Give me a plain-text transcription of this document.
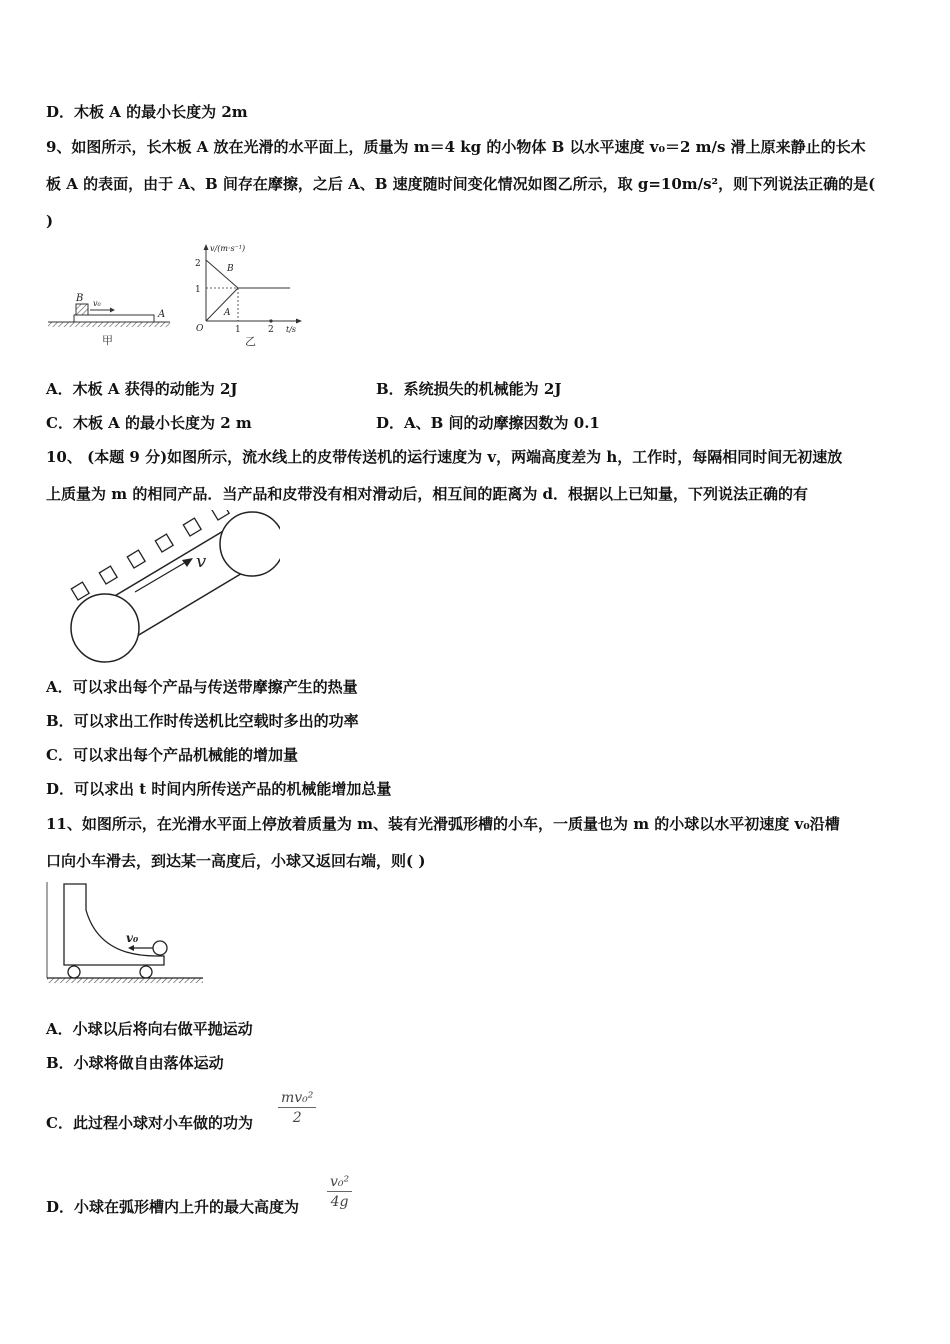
D．木板 A 的最小长度为 2m
9、如图所示，长木板 A 放在光滑的水平面上，质量为 m＝4 kg 的小物体 B 以水平速度 v₀＝2 m/s 滑上原来静止的长木
板 A 的表面，由于 A、B 间存在摩擦，之后 A、B 速度随时间变化情况如图乙所示，取 g=10m/s²，则下列说法正确的是(
)
B v₀
A
甲
v/(m·s⁻¹)
t/s
O
2
1
1	2
B
A
乙
A．木板 A 获得的动能为 2J	B．系统损失的机械能为 2J
C．木板 A 的最小长度为 2 m	D．A、B 间的动摩擦因数为 0.1
10、 (本题 9 分)如图所示，流水线上的皮带传送机的运行速度为 v，两端高度差为 h，工作时，每隔相同时间无初速放
上质量为 m 的相同产品．当产品和皮带没有相对滑动后，相互间的距离为 d．根据以上已知量，下列说法正确的有
v
A．可以求出每个产品与传送带摩擦产生的热量
B．可以求出工作时传送机比空载时多出的功率
C．可以求出每个产品机械能的增加量
D．可以求出 t 时间内所传送产品的机械能增加总量
11、如图所示，在光滑水平面上停放着质量为 m、装有光滑弧形槽的小车，一质量也为 m 的小球以水平初速度 v₀沿槽
口向小车滑去，到达某一高度后，小球又返回右端，则( )
v₀
A．小球以后将向右做平抛运动
B．小球将做自由落体运动
C．此过程小球对小车做的功为 $\frac{\text{mv₀²}}{2}$
D．小球在弧形槽内上升的最大高度为 $\frac{\text{v₀²}}{4g}$
